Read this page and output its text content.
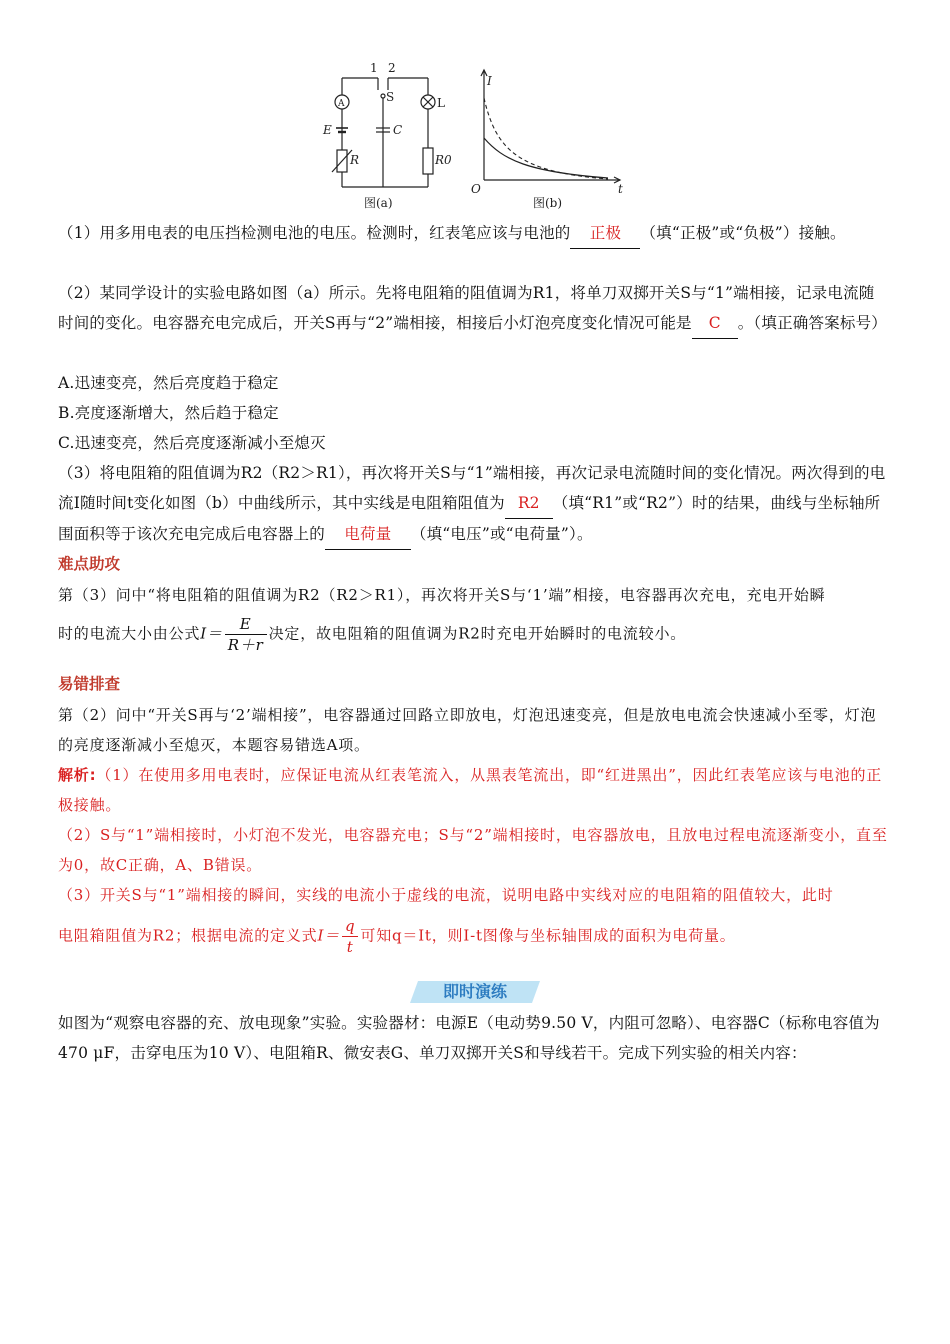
1 2
S	L
A
E	C
R	R0
图(a)
I
t
O
图(b)
（1）用多用电表的电压挡检测电池的电压。检测时，红表笔应该与电池的 正极 （填“正极”或“负极”）接触。
（2）某同学设计的实验电路如图（a）所示。先将电阻箱的阻值调为R1，将单刀双掷开关S与“1”端相接，记录电流随时间的变化。电容器充电完成后，开关S再与“2”端相接，相接后小灯泡亮度变化情况可能是 C 。（填正确答案标号）
A.迅速变亮，然后亮度趋于稳定
B.亮度逐渐增大，然后趋于稳定
C.迅速变亮，然后亮度逐渐减小至熄灭
（3）将电阻箱的阻值调为R2（R2＞R1），再次将开关S与“1”端相接，再次记录电流随时间的变化情况。两次得到的电流I随时间t变化如图（b）中曲线所示，其中实线是电阻箱阻值为 R2 （填“R1”或“R2”）时的结果，曲线与坐标轴所围面积等于该次充电完成后电容器上的 电荷量 （填“电压”或“电荷量”）。
难点助攻
第（3）问中“将电阻箱的阻值调为R2（R2＞R1），再次将开关S与‘1’端”相接，电容器再次充电，充电开始瞬
时的电流大小由公式$I= \frac{E}{R+r}$ 决定，故电阻箱的阻值调为R2时充电开始瞬时的电流较小。
易错排查
第（2）问中“开关S再与‘2’端相接”，电容器通过回路立即放电，灯泡迅速变亮，但是放电电流会快速减小至零，灯泡的亮度逐渐减小至熄灭，本题容易错选A项。
解析:（1）在使用多用电表时，应保证电流从红表笔流入，从黑表笔流出，即“红进黑出”，因此红表笔应该与电池的正极接触。
（2）S与“1”端相接时，小灯泡不发光，电容器充电；S与“2”端相接时，电容器放电，且放电过程电流逐渐变小，直至为0，故C正确，A、B错误。
（3）开关S与“1”端相接的瞬间，实线的电流小于虚线的电流，说明电路中实线对应的电阻箱的阻值较大，此时
电阻箱阻值为R2；根据电流的定义式$I= \frac{q}{t}$ 可知q＝It，则I-t图像与坐标轴围成的面积为电荷量。
即时演练
如图为“观察电容器的充、放电现象”实验。实验器材：电源E（电动势9.50 V，内阻可忽略）、电容器C（标称电容值为470 μF，击穿电压为10 V）、电阻箱R、微安表G、单刀双掷开关S和导线若干。完成下列实验的相关内容：
